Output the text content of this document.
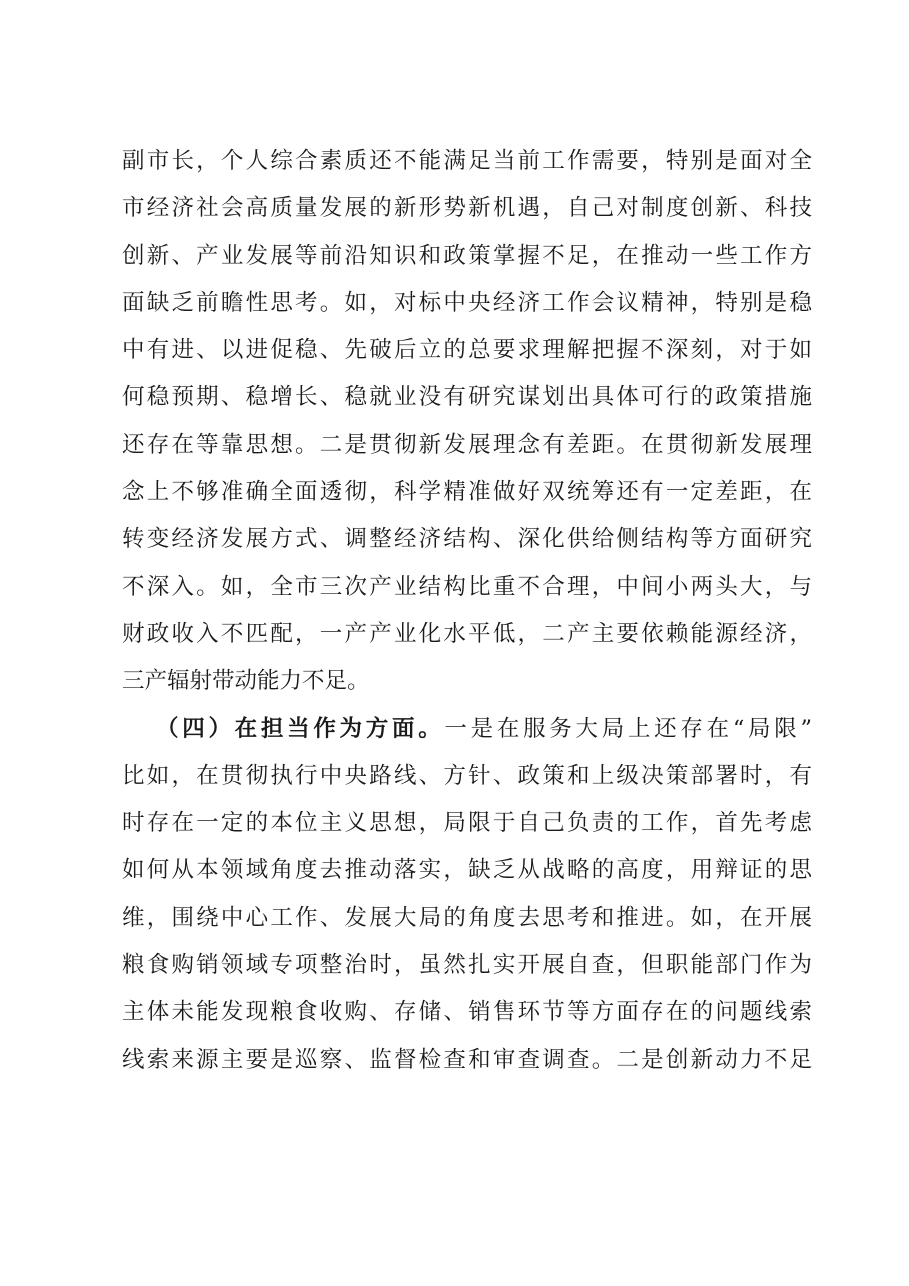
副市长，个人综合素质还不能满足当前工作需要，特别是面对全
市经济社会高质量发展的新形势新机遇，自己对制度创新、科技
创新、产业发展等前沿知识和政策掌握不足，在推动一些工作方
面缺乏前瞻性思考。如，对标中央经济工作会议精神，特别是稳
中有进、以进促稳、先破后立的总要求理解把握不深刻，对于如
何稳预期、稳增长、稳就业没有研究谋划出具体可行的政策措施
还存在等靠思想。二是贯彻新发展理念有差距。在贯彻新发展理
念上不够准确全面透彻，科学精准做好双统筹还有一定差距，在
转变经济发展方式、调整经济结构、深化供给侧结构等方面研究
不深入。如，全市三次产业结构比重不合理，中间小两头大，与
财政收入不匹配，一产产业化水平低，二产主要依赖能源经济，
三产辐射带动能力不足。
（四）在担当作为方面。一是在服务大局上还存在“局限”
比如，在贯彻执行中央路线、方针、政策和上级决策部署时，有
时存在一定的本位主义思想，局限于自己负责的工作，首先考虑
如何从本领域角度去推动落实，缺乏从战略的高度，用辩证的思
维，围绕中心工作、发展大局的角度去思考和推进。如，在开展
粮食购销领域专项整治时，虽然扎实开展自查，但职能部门作为
主体未能发现粮食收购、存储、销售环节等方面存在的问题线索
线索来源主要是巡察、监督检查和审查调查。二是创新动力不足
